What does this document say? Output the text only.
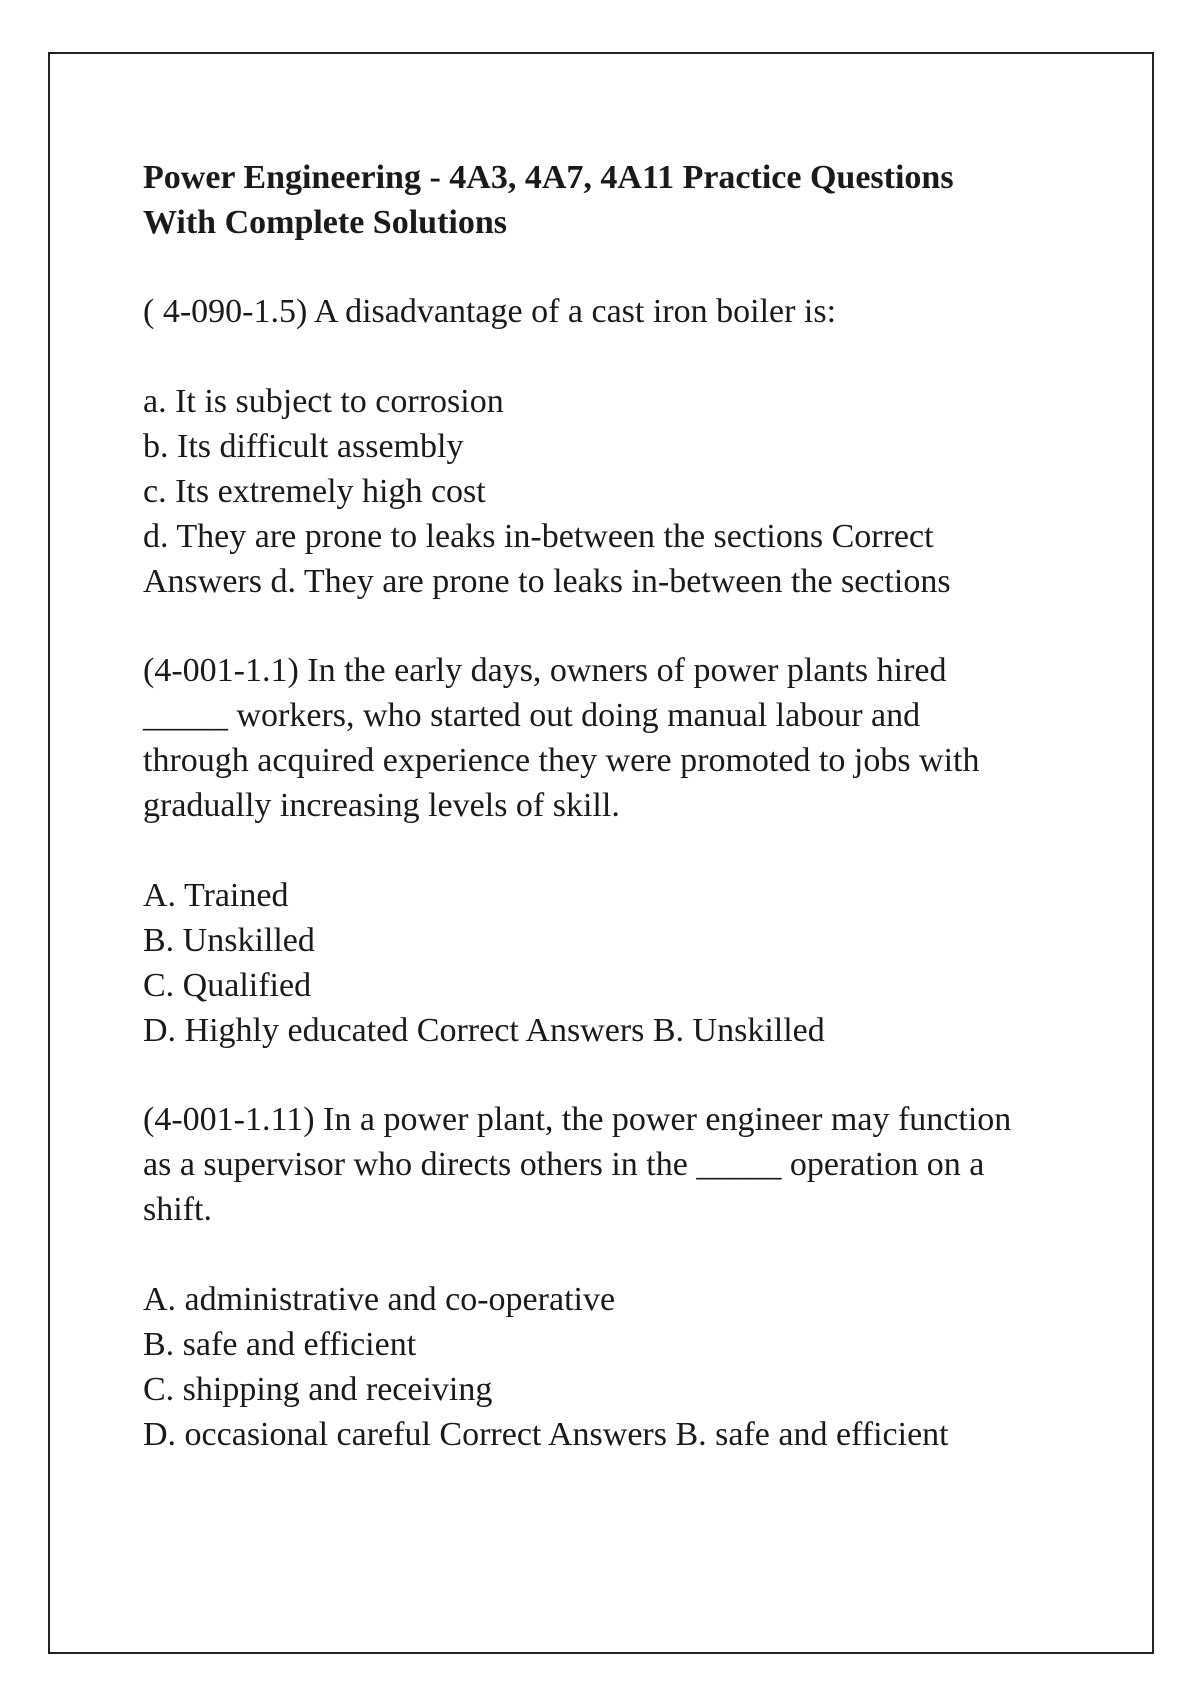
Power Engineering - 4A3, 4A7, 4A11 Practice Questions
With Complete Solutions
( 4-090-1.5) A disadvantage of a cast iron boiler is:
a. It is subject to corrosion
b. Its difficult assembly
c. Its extremely high cost
d. They are prone to leaks in-between the sections Correct
Answers d. They are prone to leaks in-between the sections
(4-001-1.1) In the early days, owners of power plants hired
_____ workers, who started out doing manual labour and
through acquired experience they were promoted to jobs with
gradually increasing levels of skill.
A. Trained
B. Unskilled
C. Qualified
D. Highly educated Correct Answers B. Unskilled
(4-001-1.11) In a power plant, the power engineer may function
as a supervisor who directs others in the _____ operation on a
shift.
A. administrative and co-operative
B. safe and efficient
C. shipping and receiving
D. occasional careful Correct Answers B. safe and efficient
